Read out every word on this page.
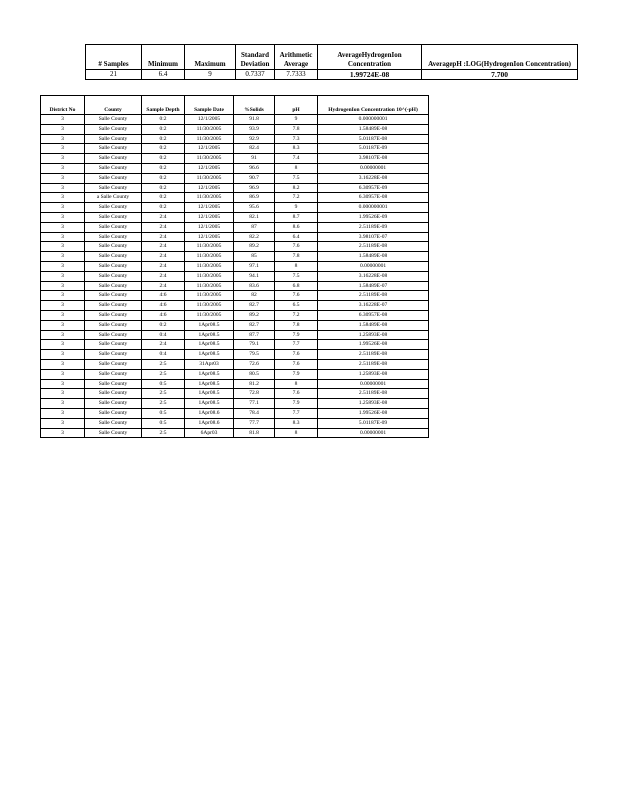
# Samples	Minimum	Maximum	Standard Deviation	Arithmetic Average	AverageHydrogenIon Concentration	AveragepH :LOG(HydrogenIon Concentration)
21	6.4	9	0.7337	7.7333	1.99724E-08	7.700
District No	County	Sample Depth	Sample Date	%Solids	pH	HydrogenIon Concentration 10^(-pH)
3	Salle County	0:2	12/1/2005	91.8	9	0.000000001
3	Salle County	0:2	11/30/2005	93.9	7.8	1.58489E-08
3	Salle County	0:2	11/30/2005	92.9	7.3	5.01187E-08
3	Salle County	0:2	12/1/2005	82.4	8.3	5.01187E-09
3	Salle County	0:2	11/30/2005	91	7.4	3.98107E-08
3	Salle County	0:2	12/1/2005	96.6	8	0.00000001
3	Salle County	0:2	11/30/2005	90.7	7.5	3.16228E-08
3	Salle County	0:2	12/1/2005	96.9	8.2	6.30957E-09
3	a Salle County	0:2	11/30/2005	86.9	7.2	6.30957E-08
3	Salle County	0:2	12/1/2005	95.6	9	0.000000001
3	Salle County	2:4	12/1/2005	82.1	8.7	1.99526E-09
3	Salle County	2:4	12/1/2005	87	8.6	2.51189E-09
3	Salle County	2:4	12/1/2005	82.2	6.4	3.98107E-07
3	Salle County	2:4	11/30/2005	89.2	7.6	2.51189E-08
3	Salle County	2:4	11/30/2005	85	7.8	1.58489E-08
3	Salle County	2:4	11/30/2005	97.1	8	0.00000001
3	Salle County	2:4	11/30/2005	94.1	7.5	3.16228E-08
3	Salle County	2:4	11/30/2005	83.6	6.8	1.58489E-07
3	Salle County	4:6	11/30/2005	82	7.6	2.51189E-08
3	Salle County	4:6	11/30/2005	82.7	6.5	3.16228E-07
3	Salle County	4:6	11/30/2005	89.2	7.2	6.30957E-08
3	Salle County	0:2	1Apr08.5	82.7	7.8	1.58489E-08
3	Salle County	0:4	1Apr08.5	87.7	7.9	1.25893E-08
3	Salle County	2:4	1Apr08.5	79.1	7.7	1.99526E-08
3	Salle County	0:4	1Apr08.5	79.5	7.6	2.51189E-08
3	Salle County	2:5	31Apr03	72.6	7.6	2.51189E-08
3	Salle County	2:5	1Apr08.5	80.5	7.9	1.25893E-08
3	Salle County	0:5	1Apr08.5	81.2	8	0.00000001
3	Salle County	2:5	1Apr08.5	72.8	7.6	2.51189E-08
3	Salle County	2:5	1Apr08.5	77.1	7.9	1.25893E-08
3	Salle County	0:5	1Apr08.6	78.4	7.7	1.99526E-08
3	Salle County	0:5	1Apr08.6	77.7	8.3	5.01187E-09
3	Salle County	2:5	6Apr03	81.8	8	0.00000001
